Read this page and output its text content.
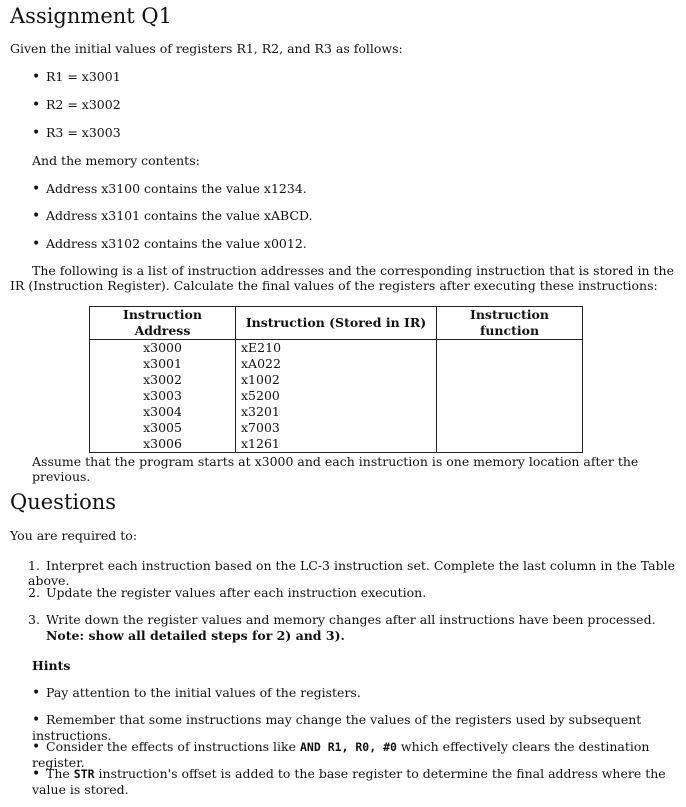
Assignment Q1
Given the initial values of registers R1, R2, and R3 as follows:
• R1 = x3001
• R2 = x3002
• R3 = x3003
And the memory contents:
• Address x3100 contains the value x1234.
• Address x3101 contains the value xABCD.
• Address x3102 contains the value x0012.
The following is a list of instruction addresses and the corresponding instruction that is stored in the IR (Instruction Register). Calculate the final values of the registers after executing these instructions:
Instruction Address	Instruction (Stored in IR)	Instruction function
x3000	xE210	
x3001	xA022	
x3002	x1002	
x3003	x5200	
x3004	x3201	
x3005	x7003	
x3006	x1261	
Assume that the program starts at x3000 and each instruction is one memory location after the previous.
Questions
You are required to:
1. Interpret each instruction based on the LC-3 instruction set. Complete the last column in the Table above.
2. Update the register values after each instruction execution.
3. Write down the register values and memory changes after all instructions have been processed.
Note: show all detailed steps for 2) and 3).
Hints
• Pay attention to the initial values of the registers.
• Remember that some instructions may change the values of the registers used by subsequent instructions.
• Consider the effects of instructions like AND R1, R0, #0 which effectively clears the destination register.
• The STR instruction's offset is added to the base register to determine the final address where the value is stored.
